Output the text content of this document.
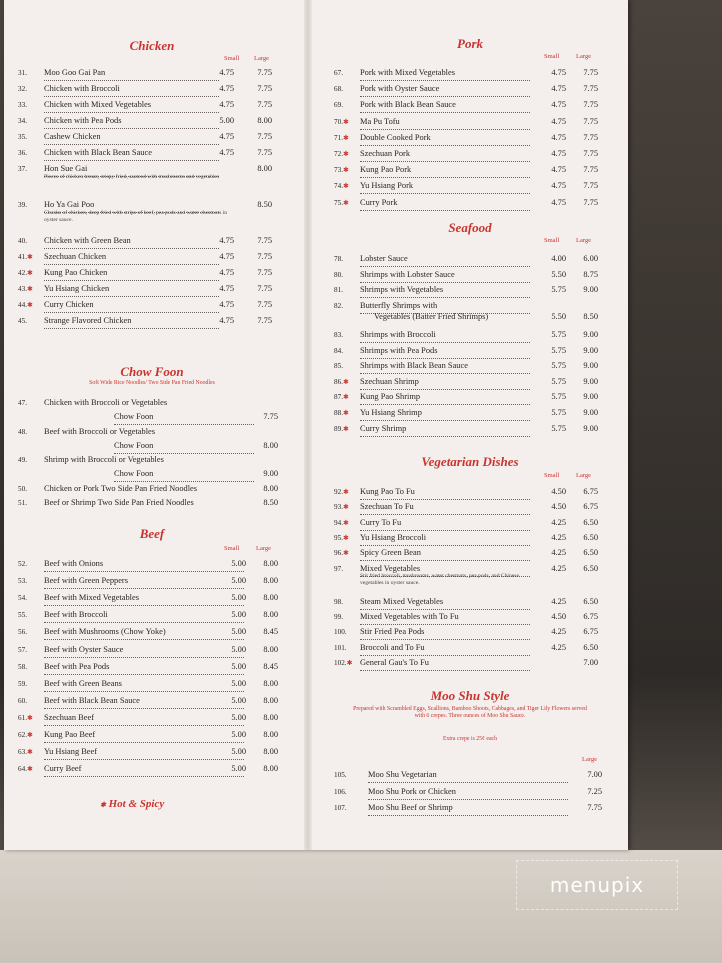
Chicken
Small Large
31.	Moo Goo Gai Pan	4.75	7.75
32.	Chicken with Broccoli	4.75	7.75
33.	Chicken with Mixed Vegetables	4.75	7.75
34.	Chicken with Pea Pods	5.00	8.00
35.	Cashew Chicken	4.75	7.75
36.	Chicken with Black Bean Sauce	4.75	7.75
37.	Hon Sue Gai	8.00
Pieces of chicken breast, crispy fried, sauteed with mushrooms and vegetables
39.	Ho Ya Gai Poo	8.50
Chunks of chicken, deep fried with strips of beef, pea pods and water chestnuts in oyster sauce.
40.	Chicken with Green Bean	4.75	7.75
41.✱	Szechuan Chicken	4.75	7.75
42.✱	Kung Pao Chicken	4.75	7.75
43.✱	Yu Hsiang Chicken	4.75	7.75
44.✱	Curry Chicken	4.75	7.75
45.	Strange Flavored Chicken	4.75	7.75
Chow Foon
Soft Wide Rice Noodles/ Two Side Pan Fried Noodles
47.	Chicken with Broccoli or Vegetables
Chow Foon	7.75
48.	Beef with Broccoli or Vegetables
Chow Foon	8.00
49.	Shrimp with Broccoli or Vegetables
Chow Foon	9.00
50.	Chicken or Pork Two Side Pan Fried Noodles	8.00
51.	Beef or Shrimp Two Side Pan Fried Noodles	8.50
Beef
Small	Large
52.	Beef with Onions	5.00	8.00
53.	Beef with Green Peppers	5.00	8.00
54.	Beef with Mixed Vegetables	5.00	8.00
55.	Beef with Broccoli	5.00	8.00
56.	Beef with Mushrooms (Chow Yoke)	5.00	8.45
57.	Beef with Oyster Sauce	5.00	8.00
58.	Beef with Pea Pods	5.00	8.45
59.	Beef with Green Beans	5.00	8.00
60.	Beef with Black Bean Sauce	5.00	8.00
61.✱	Szechuan Beef	5.00	8.00
62.✱	Kung Pao Beef	5.00	8.00
63.✱	Yu Hsiang Beef	5.00	8.00
64.✱	Curry Beef	5.00	8.00
✱ Hot & Spicy
Pork
Small	Large
67.	Pork with Mixed Vegetables	4.75	7.75
68.	Pork with Oyster Sauce	4.75	7.75
69.	Pork with Black Bean Sauce	4.75	7.75
70.✱	Ma Pu Tofu	4.75	7.75
71.✱	Double Cooked Pork	4.75	7.75
72.✱	Szechuan Pork	4.75	7.75
73.✱	Kung Pao Pork	4.75	7.75
74.✱	Yu Hsiang Pork	4.75	7.75
75.✱	Curry Pork	4.75	7.75
Seafood
Small	Large
78.	Lobster Sauce	4.00	6.00
80.	Shrimps with Lobster Sauce	5.50	8.75
81.	Shrimps with Vegetables	5.75	9.00
82.	Butterfly Shrimps with
Vegetables (Batter Fried Shrimps)	5.50	8.50
83.	Shrimps with Broccoli	5.75	9.00
84.	Shrimps with Pea Pods	5.75	9.00
85.	Shrimps with Black Bean Sauce	5.75	9.00
86.✱	Szechuan Shrimp	5.75	9.00
87.✱	Kung Pao Shrimp	5.75	9.00
88.✱	Yu Hsiang Shrimp	5.75	9.00
89.✱	Curry Shrimp	5.75	9.00
Vegetarian Dishes
Small	Large
92.✱	Kung Pao To Fu	4.50	6.75
93.✱	Szechuan To Fu	4.50	6.75
94.✱	Curry To Fu	4.25	6.50
95.✱	Yu Hsiang Broccoli	4.25	6.50
96.✱	Spicy Green Bean	4.25	6.50
97.	Mixed Vegetables	4.25	6.50
Stir fried broccoli, mushrooms, water chestnuts, pea pods, and Chinese vegetables in oyster sauce.
98.	Steam Mixed Vegetables	4.25	6.50
99.	Mixed Vegetables with To Fu	4.50	6.75
100.	Stir Fried Pea Pods	4.25	6.75
101.	Broccoli and To Fu	4.25	6.50
102.✱ General Gau's To Fu	7.00
Moo Shu Style
Prepared with Scrambled Eggs, Scallions, Bamboo Shoots, Cabbages, and Tiger Lily Flowers served with 6 crepes. Three ounces of Moo Shu Sauce.
Extra crepe is 25¢ each
Large
105.	Moo Shu Vegetarian	7.00
106.	Moo Shu Pork or Chicken	7.25
107.	Moo Shu Beef or Shrimp	7.75
menupix
